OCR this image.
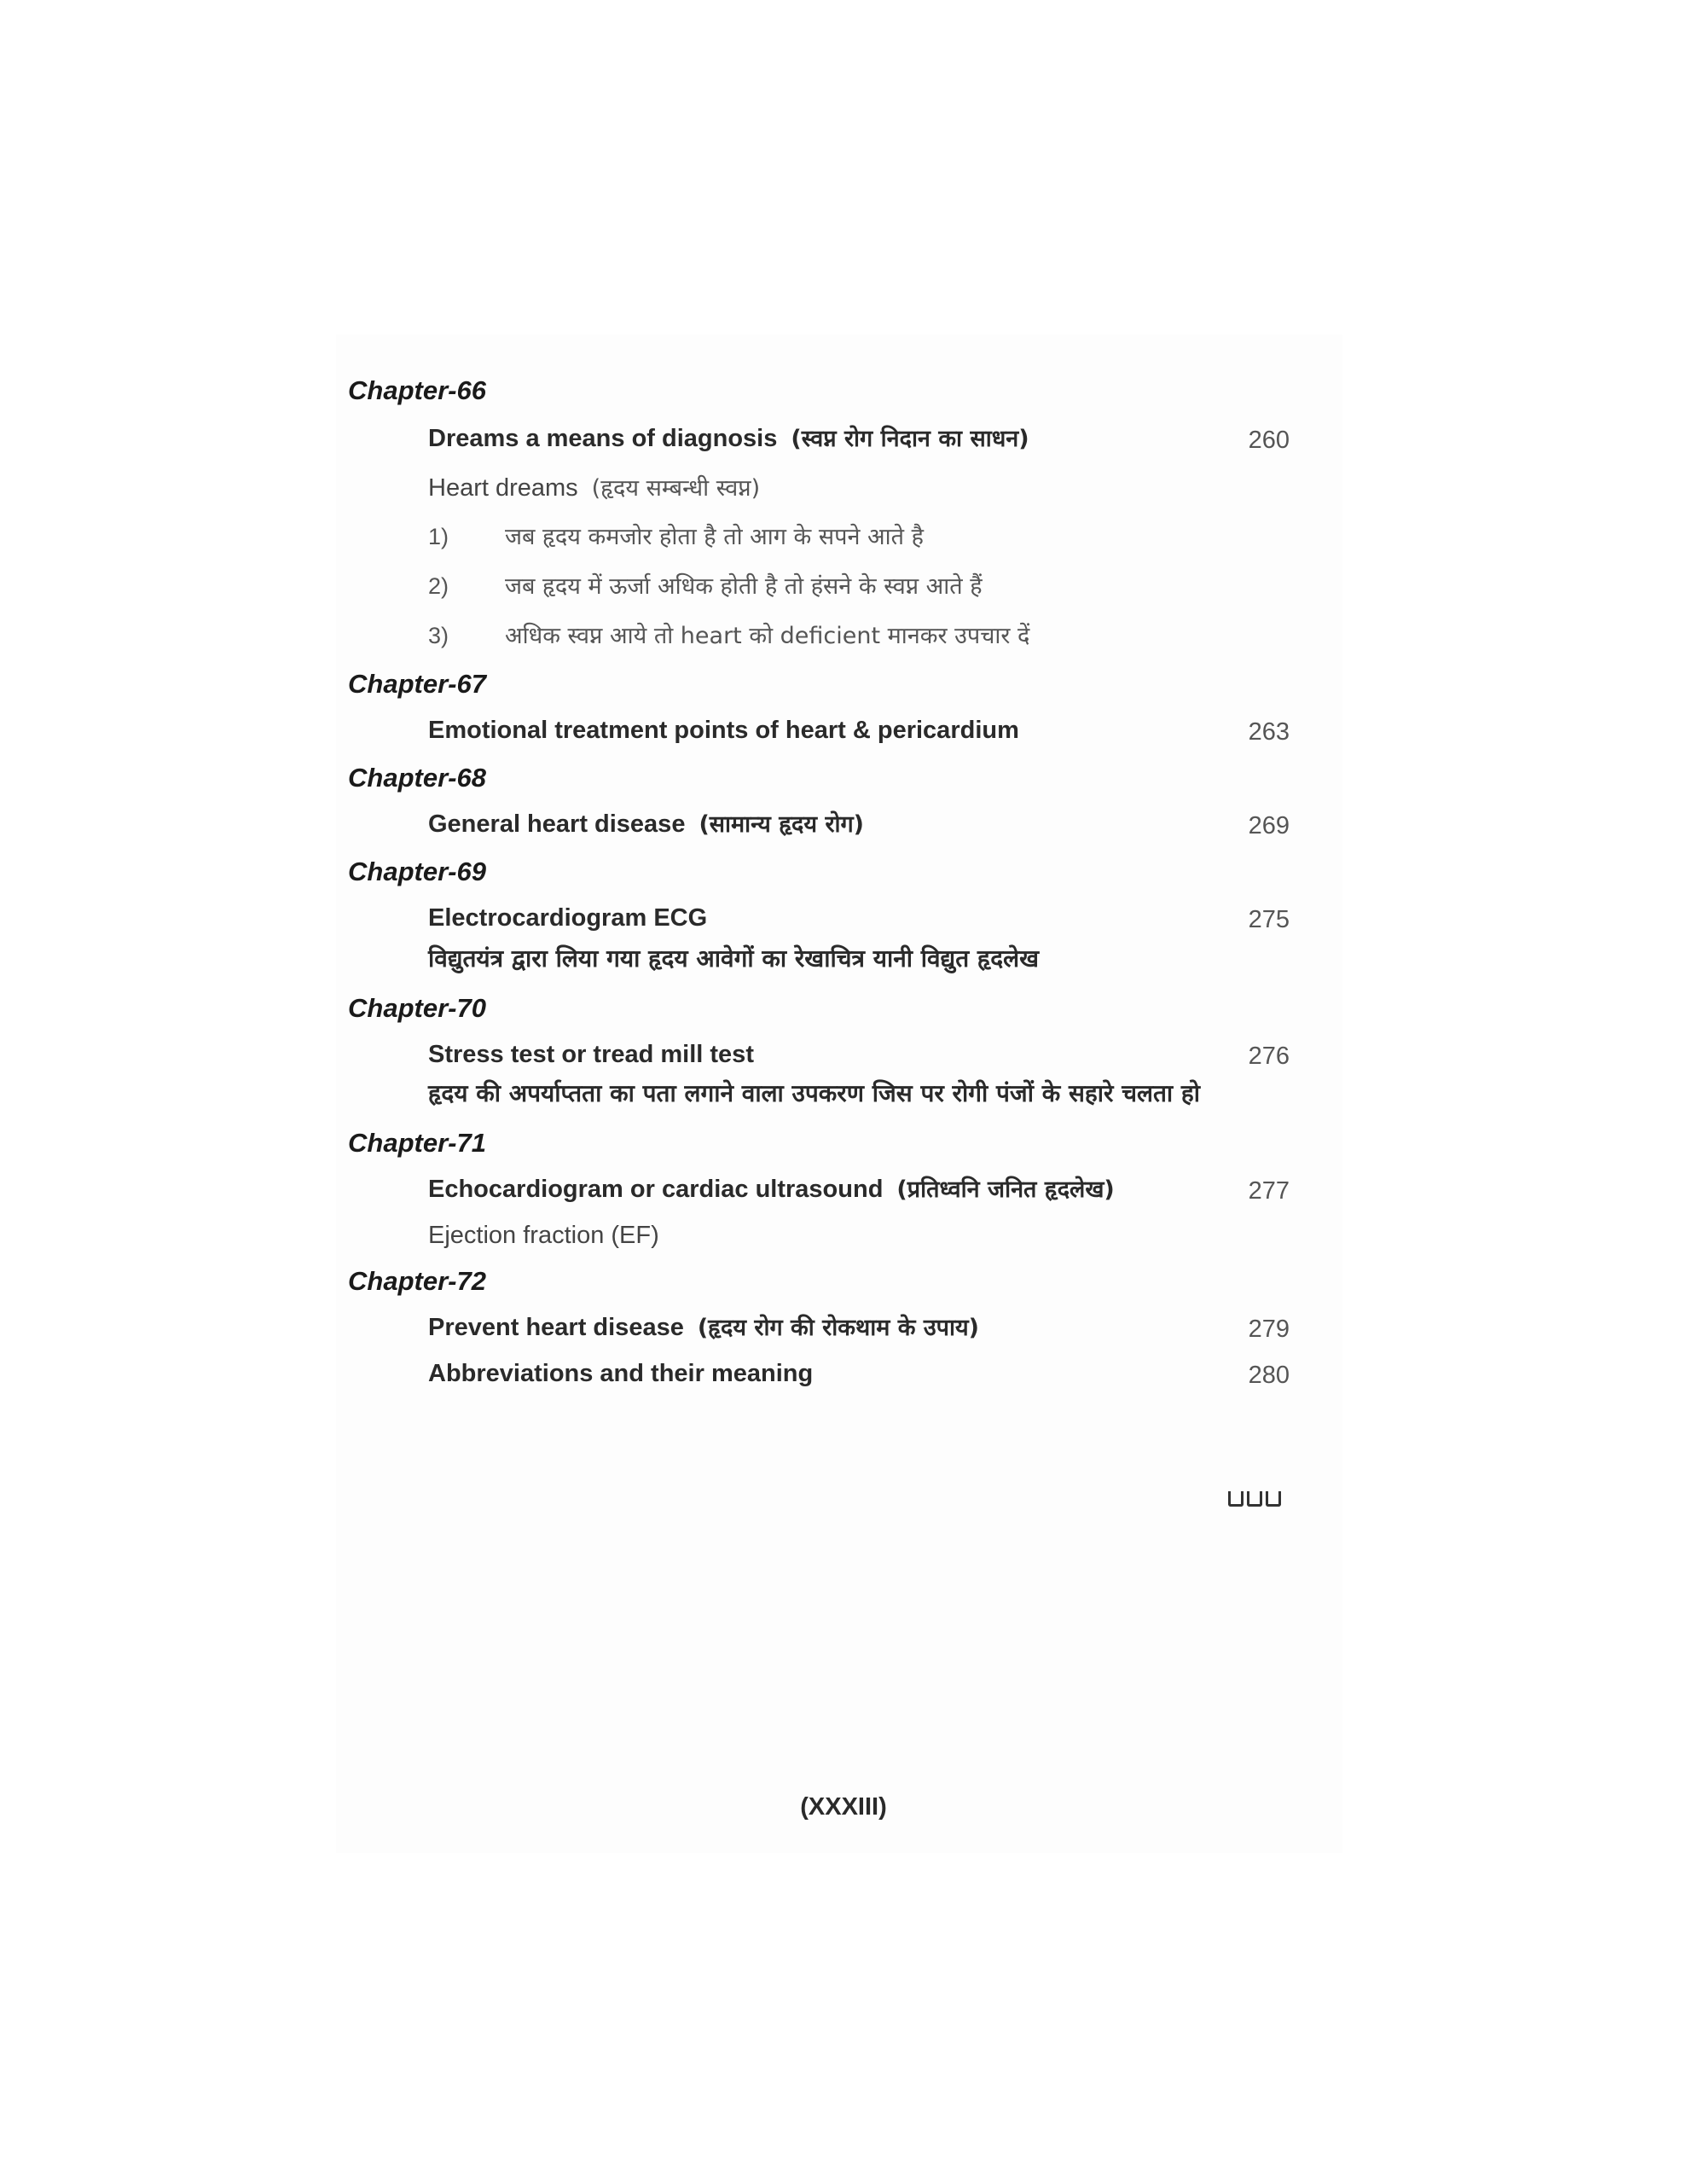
Chapter-66
Dreams a means of diagnosis (स्वप्न रोग निदान का साधन)	260
Heart dreams (हृदय सम्बन्धी स्वप्न)
1) जब हृदय कमजोर होता है तो आग के सपने आते है
2) जब हृदय में ऊर्जा अधिक होती है तो हंसने के स्वप्न आते हैं
3) अधिक स्वप्न आये तो heart को deficient मानकर उपचार दें
Chapter-67
Emotional treatment points of heart & pericardium	263
Chapter-68
General heart disease (सामान्य हृदय रोग)	269
Chapter-69
Electrocardiogram ECG	275
विद्युतयंत्र द्वारा लिया गया हृदय आवेगों का रेखाचित्र यानी विद्युत हृदलेख
Chapter-70
Stress test or tread mill test	276
हृदय की अपर्याप्तता का पता लगाने वाला उपकरण जिस पर रोगी पंजों के सहारे चलता हो
Chapter-71
Echocardiogram or cardiac ultrasound (प्रतिध्वनि जनित हृदलेख)	277
Ejection fraction (EF)
Chapter-72
Prevent heart disease (हृदय रोग की रोकथाम के उपाय)	279
Abbreviations and their meaning	280
(XXXIII)
